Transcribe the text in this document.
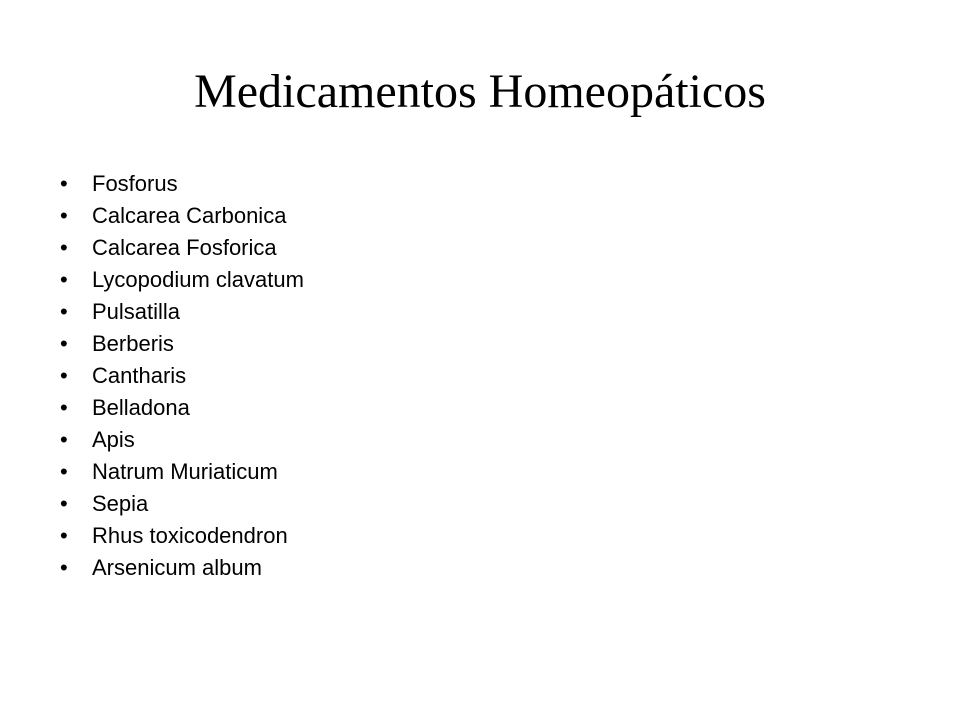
Medicamentos Homeopáticos
•	Fosforus
•	Calcarea Carbonica
•	Calcarea Fosforica
•	Lycopodium clavatum
•	Pulsatilla
•	Berberis
•	Cantharis
•	Belladona
•	Apis
•	Natrum Muriaticum
•	Sepia
•	Rhus toxicodendron
•	Arsenicum album
